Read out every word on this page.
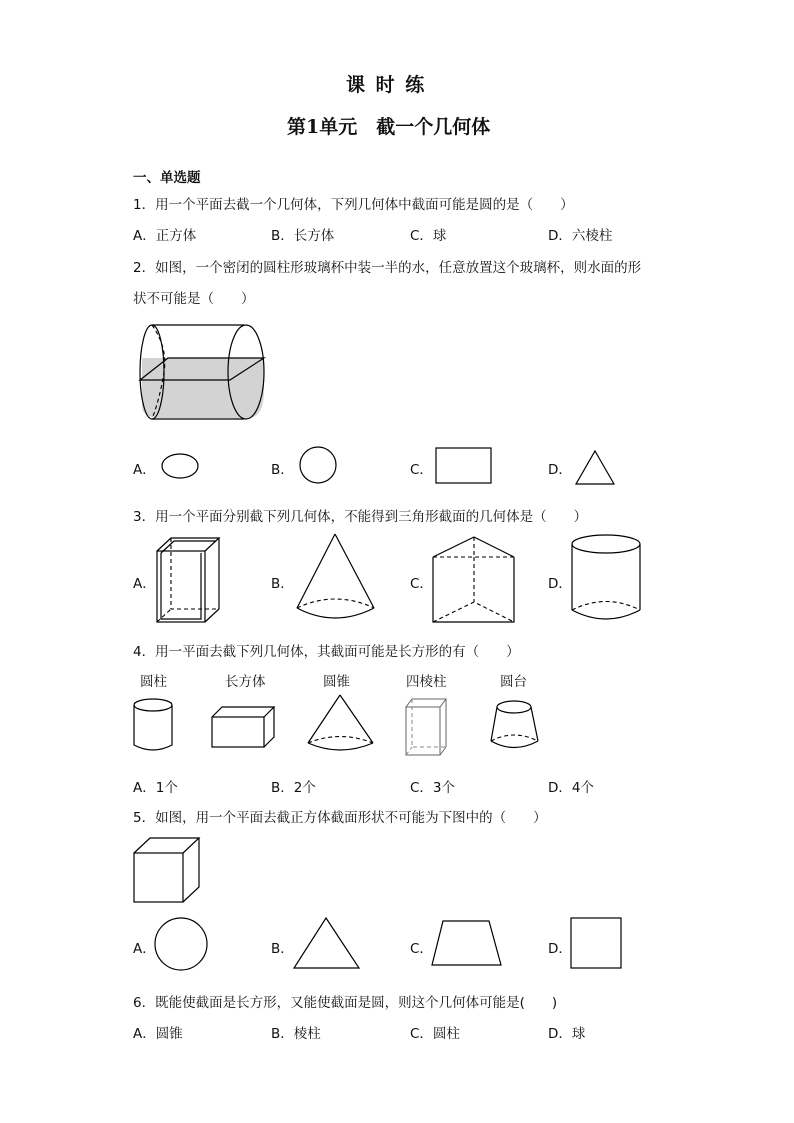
课 时 练
第1单元　截一个几何体
一、单选题
1．用一个平面去截一个几何体，下列几何体中截面可能是圆的是（　　）
A．正方体	B．长方体	C．球	D．六棱柱
2．如图，一个密闭的圆柱形玻璃杯中装一半的水，任意放置这个玻璃杯，则水面的形
状不可能是（　　）
A．	B．	C．	D．
3．用一个平面分别截下列几何体，不能得到三角形截面的几何体是（　　）
A．	B．	C．	D．
4．用一平面去截下列几何体，其截面可能是长方形的有（　　）
圆柱	长方体	圆锥	四棱柱	圆台
A．1个	B．2个	C．3个	D．4个
5．如图，用一个平面去截正方体截面形状不可能为下图中的（　　）
A．	B．	C．	D．
6．既能使截面是长方形，又能使截面是圆，则这个几何体可能是(　　)
A．圆锥	B．棱柱	C．圆柱	D．球
